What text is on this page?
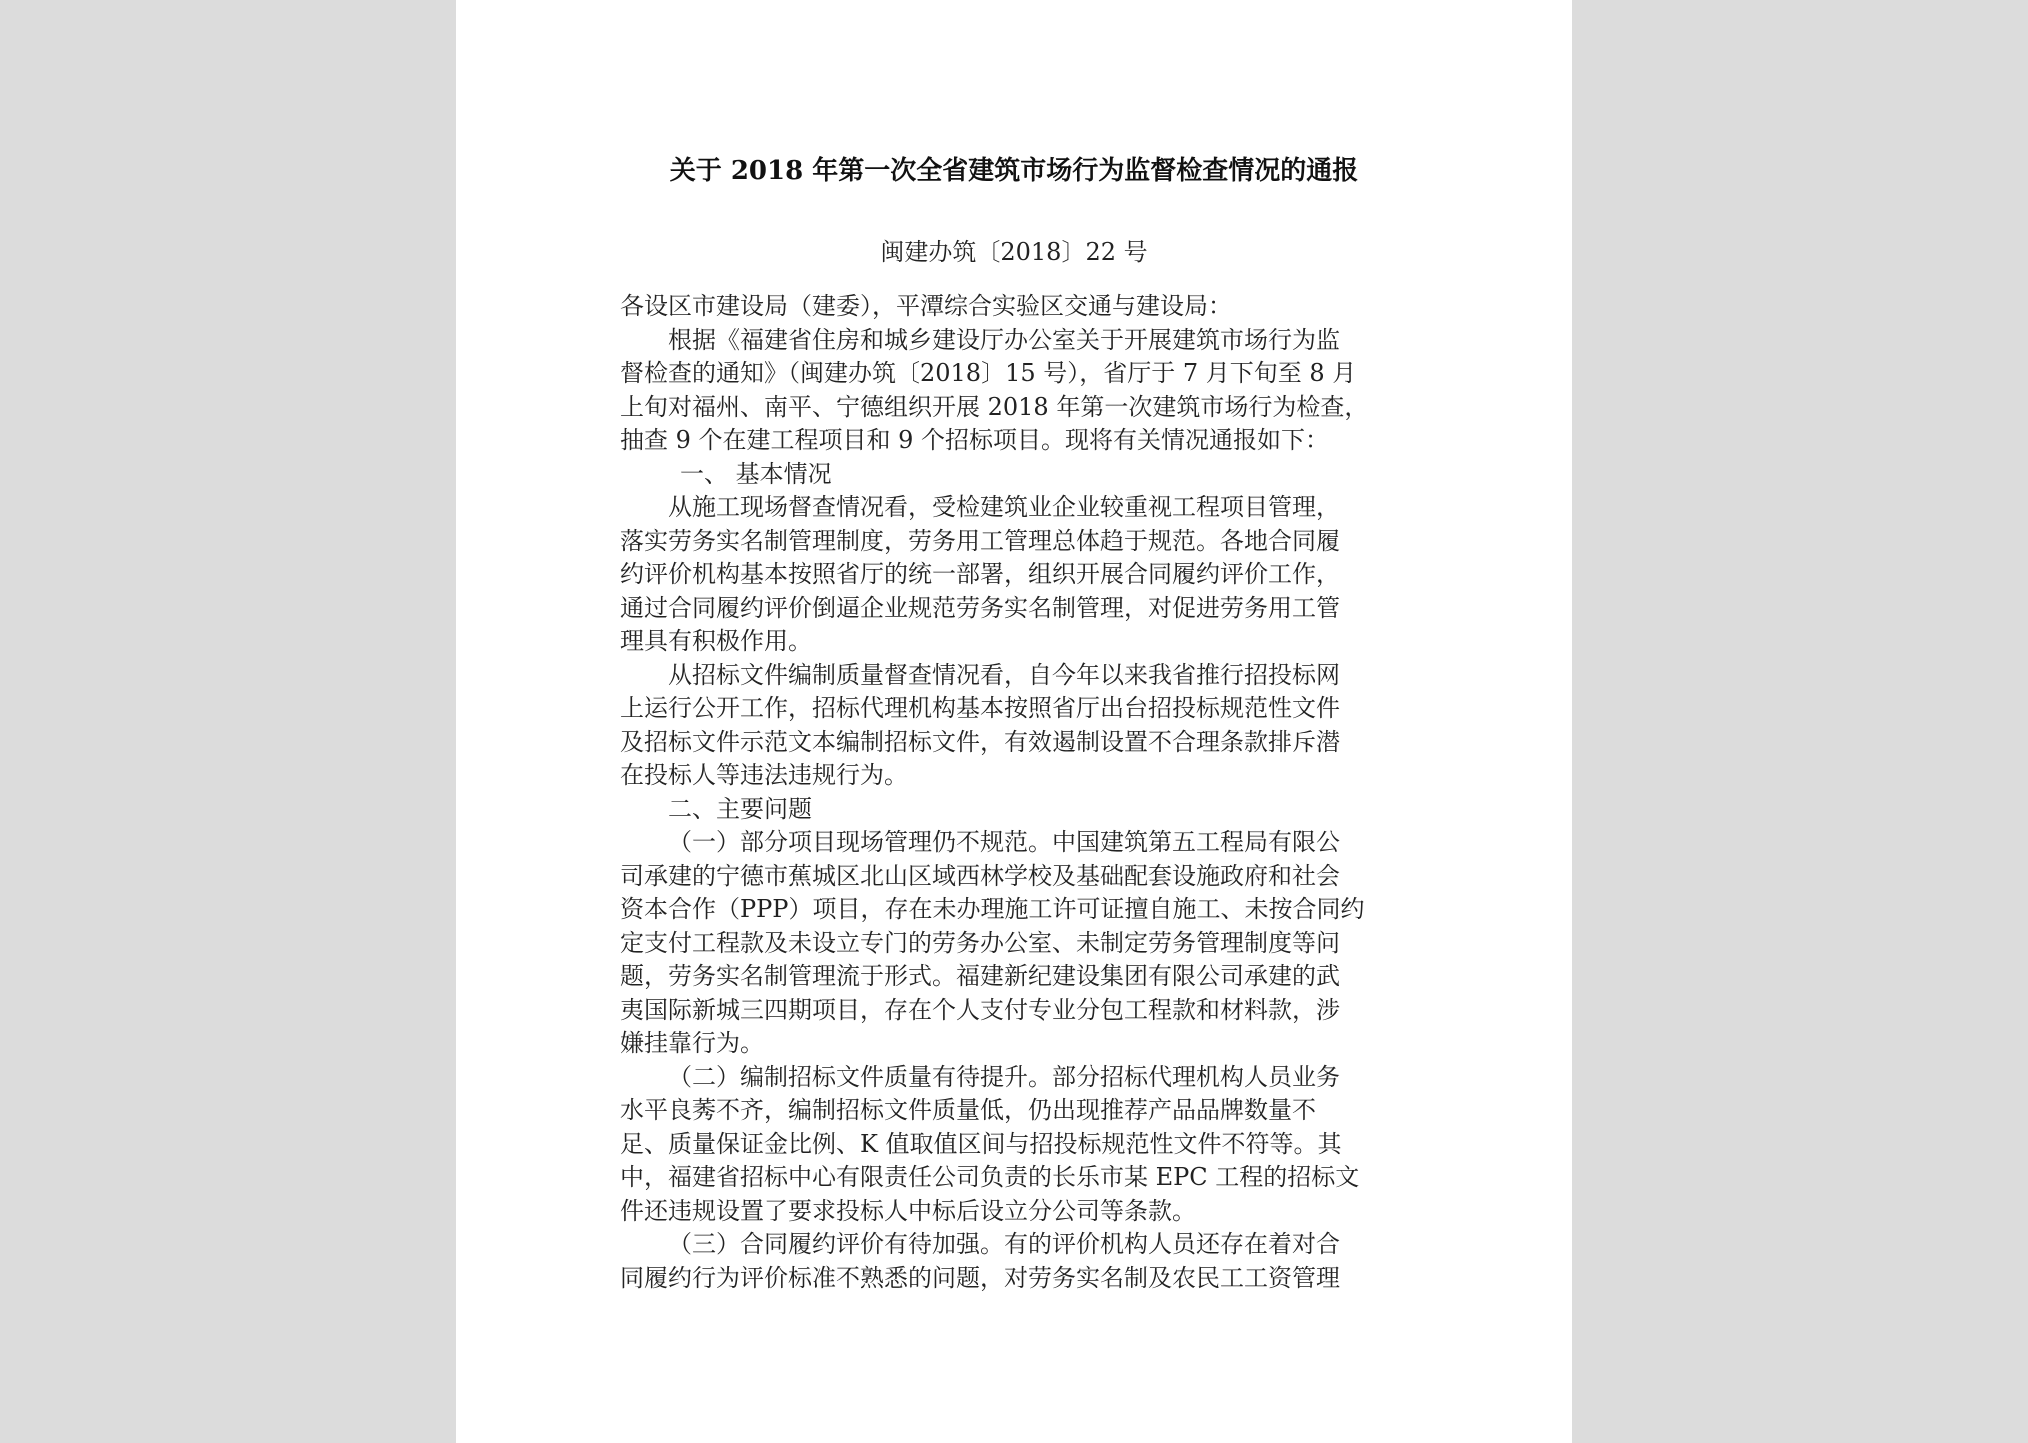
关于 2018 年第一次全省建筑市场行为监督检查情况的通报
闽建办筑〔2018〕22 号
各设区市建设局（建委），平潭综合实验区交通与建设局：
根据《福建省住房和城乡建设厅办公室关于开展建筑市场行为监
督检查的通知》（闽建办筑〔2018〕15 号），省厅于 7 月下旬至 8 月
上旬对福州、南平、宁德组织开展 2018 年第一次建筑市场行为检查，
抽查 9 个在建工程项目和 9 个招标项目。现将有关情况通报如下：
一、 基本情况
从施工现场督查情况看，受检建筑业企业较重视工程项目管理，
落实劳务实名制管理制度，劳务用工管理总体趋于规范。各地合同履
约评价机构基本按照省厅的统一部署，组织开展合同履约评价工作，
通过合同履约评价倒逼企业规范劳务实名制管理，对促进劳务用工管
理具有积极作用。
从招标文件编制质量督查情况看，自今年以来我省推行招投标网
上运行公开工作，招标代理机构基本按照省厅出台招投标规范性文件
及招标文件示范文本编制招标文件，有效遏制设置不合理条款排斥潜
在投标人等违法违规行为。
二、主要问题
（一）部分项目现场管理仍不规范。中国建筑第五工程局有限公
司承建的宁德市蕉城区北山区域西林学校及基础配套设施政府和社会
资本合作（PPP）项目，存在未办理施工许可证擅自施工、未按合同约
定支付工程款及未设立专门的劳务办公室、未制定劳务管理制度等问
题，劳务实名制管理流于形式。福建新纪建设集团有限公司承建的武
夷国际新城三四期项目，存在个人支付专业分包工程款和材料款，涉
嫌挂靠行为。
（二）编制招标文件质量有待提升。部分招标代理机构人员业务
水平良莠不齐，编制招标文件质量低，仍出现推荐产品品牌数量不
足、质量保证金比例、K 值取值区间与招投标规范性文件不符等。其
中，福建省招标中心有限责任公司负责的长乐市某 EPC 工程的招标文
件还违规设置了要求投标人中标后设立分公司等条款。
（三）合同履约评价有待加强。有的评价机构人员还存在着对合
同履约行为评价标准不熟悉的问题，对劳务实名制及农民工工资管理
